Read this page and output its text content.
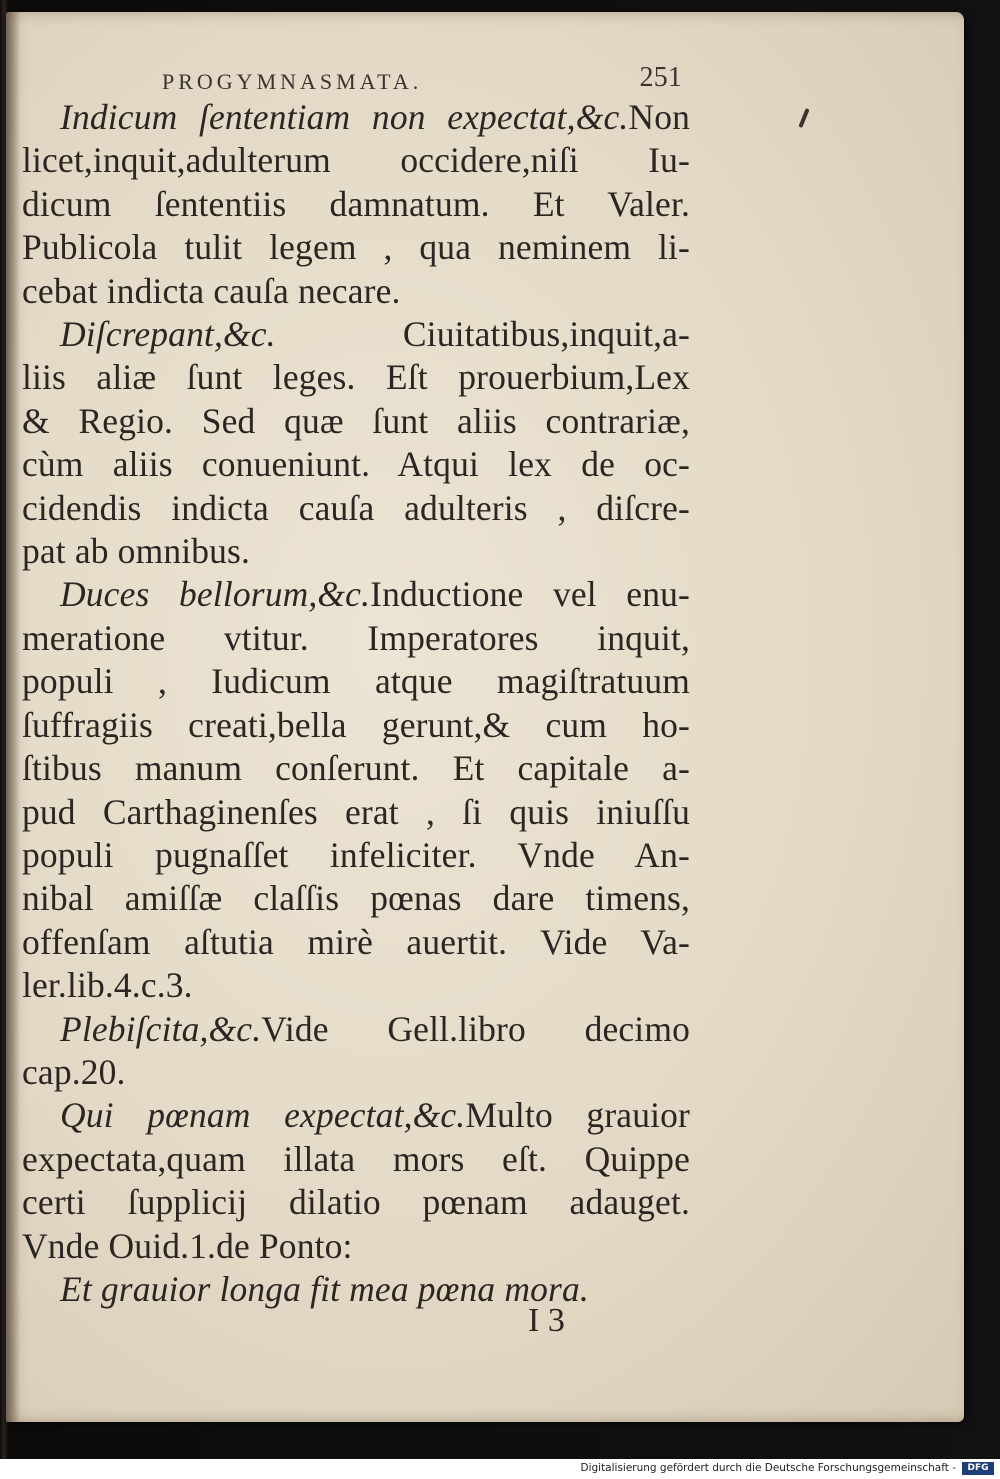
PROGYMNASMATA.	251
Indicum ſententiam non expectat,&c.Non
licet,inquit,adulterum occidere,niſi Iu-
dicum ſententiis damnatum. Et Valer.
Publicola tulit legem , qua neminem li-
cebat indicta cauſa necare.
Diſcrepant,&c. Ciuitatibus,inquit,a-
liis aliæ ſunt leges. Eſt prouerbium,Lex
& Regio. Sed quæ ſunt aliis contrariæ,
cùm aliis conueniunt. Atqui lex de oc-
cidendis indicta cauſa adulteris , diſcre-
pat ab omnibus.
Duces bellorum,&c.Inductione vel enu-
meratione vtitur. Imperatores inquit,
populi , Iudicum atque magiſtratuum
ſuffragiis creati,bella gerunt,& cum ho-
ſtibus manum conſerunt. Et capitale a-
pud Carthaginenſes erat , ſi quis iniuſſu
populi pugnaſſet infeliciter. Vnde An-
nibal amiſſæ claſſis pœnas dare timens,
offenſam aſtutia mirè auertit. Vide Va-
ler.lib.4.c.3.
Plebiſcita,&c.Vide Gell.libro decimo
cap.20.
Qui pœnam expectat,&c.Multo grauior
expectata,quam illata mors eſt. Quippe
certi ſupplicij dilatio pœnam adauget.
Vnde Ouid.1.de Ponto:
Et grauior longa fit mea pœna mora.
I 3
Digitalisierung gefördert durch die Deutsche Forschungsgemeinschaft -	DFG
